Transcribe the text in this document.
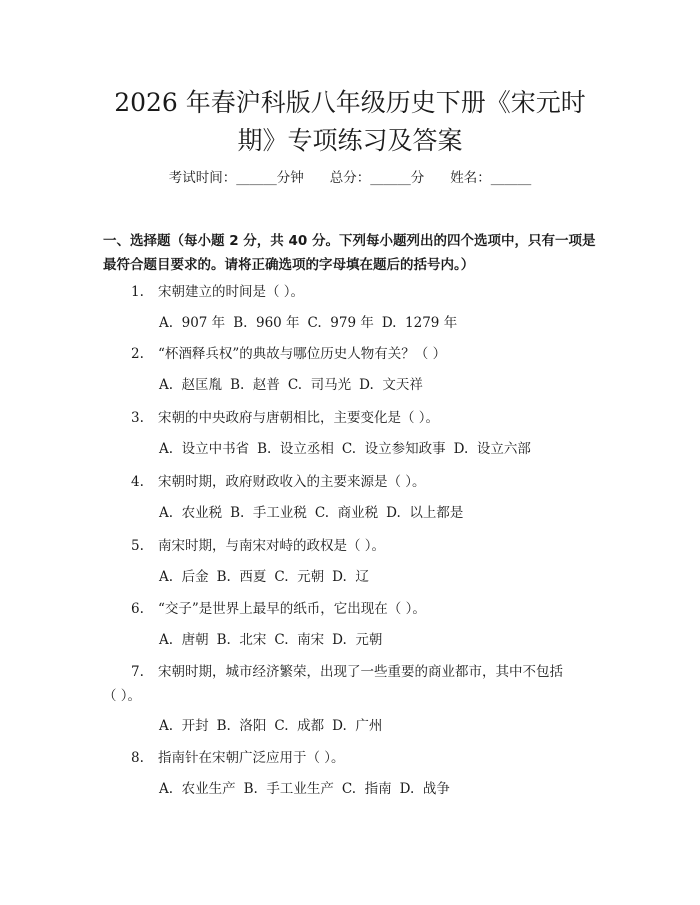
2026 年春沪科版八年级历史下册《宋元时
期》专项练习及答案
考试时间：______分钟 总分：______分 姓名：______

一、选择题（每小题 2 分，共 40 分。下列每小题列出的四个选项中，只有一项是最符合题目要求的。请将正确选项的字母填在题后的括号内。）

1. 宋朝建立的时间是（ ）。
A.  907 年 B.  960 年 C.  979 年 D.  1279 年
2. “杯酒释兵权”的典故与哪位历史人物有关？（ ）
A.  赵匡胤 B.  赵普 C.  司马光 D.  文天祥
3. 宋朝的中央政府与唐朝相比，主要变化是（ ）。
A.  设立中书省 B.  设立丞相 C.  设立参知政事 D.  设立六部
4. 宋朝时期，政府财政收入的主要来源是（ ）。
A.  农业税 B.  手工业税 C.  商业税 D.  以上都是
5. 南宋时期，与南宋对峙的政权是（ ）。
A.  后金 B.  西夏 C.  元朝 D.  辽
6. “交子”是世界上最早的纸币，它出现在（ ）。
A.  唐朝 B.  北宋 C.  南宋 D.  元朝
7. 宋朝时期，城市经济繁荣，出现了一些重要的商业都市，其中不包括
（ ）。
A.  开封 B.  洛阳 C.  成都 D.  广州
8. 指南针在宋朝广泛应用于（ ）。
A.  农业生产 B.  手工业生产 C.  指南 D.  战争
